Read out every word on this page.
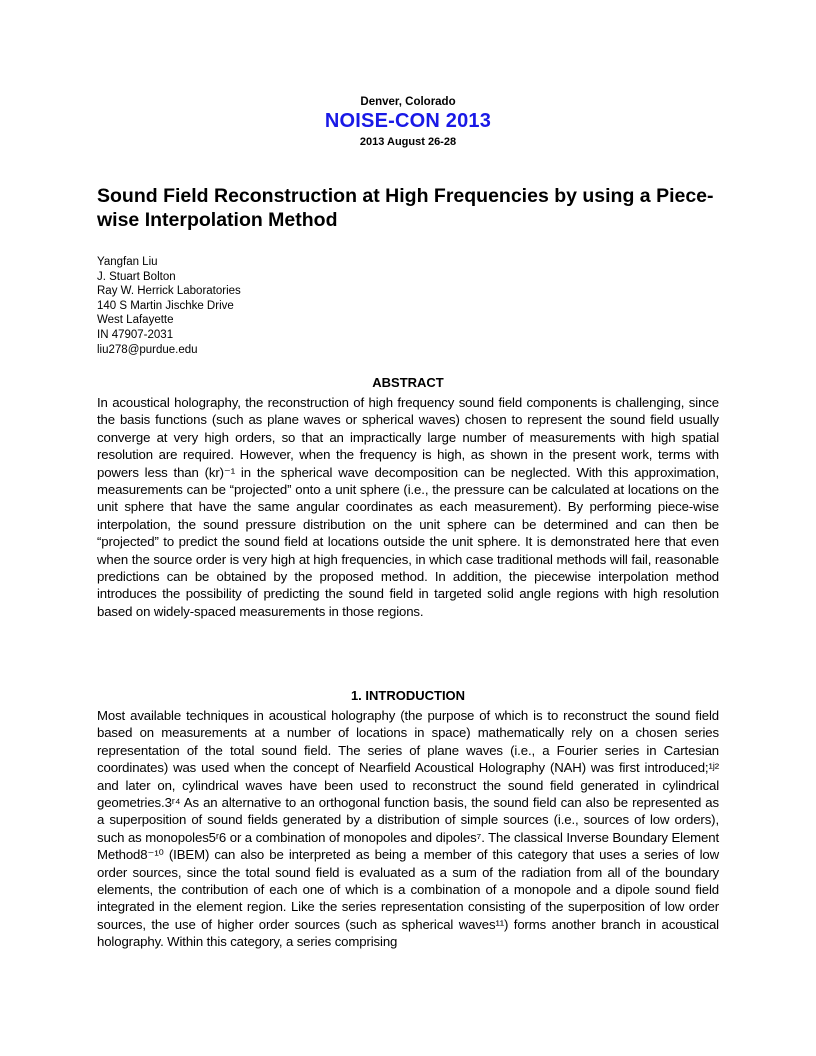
Denver, Colorado
NOISE-CON 2013
2013 August 26-28
Sound Field Reconstruction at High Frequencies by using a Piece-wise Interpolation Method
Yangfan Liu
J. Stuart Bolton
Ray W. Herrick Laboratories
140 S Martin Jischke Drive
West Lafayette
IN 47907-2031
liu278@purdue.edu
ABSTRACT

In acoustical holography, the reconstruction of high frequency sound field components is challenging, since the basis functions (such as plane waves or spherical waves) chosen to represent the sound field usually converge at very high orders, so that an impractically large number of measurements with high spatial resolution are required. However, when the frequency is high, as shown in the present work, terms with powers less than (kr)⁻¹ in the spherical wave decomposition can be neglected. With this approximation, measurements can be “projected” onto a unit sphere (i.e., the pressure can be calculated at locations on the unit sphere that have the same angular coordinates as each measurement). By performing piece-wise interpolation, the sound pressure distribution on the unit sphere can be determined and can then be “projected” to predict the sound field at locations outside the unit sphere. It is demonstrated here that even when the source order is very high at high frequencies, in which case traditional methods will fail, reasonable predictions can be obtained by the proposed method. In addition, the piecewise interpolation method introduces the possibility of predicting the sound field in targeted solid angle regions with high resolution based on widely-spaced measurements in those regions.

1. INTRODUCTION

Most available techniques in acoustical holography (the purpose of which is to reconstruct the sound field based on measurements at a number of locations in space) mathematically rely on a chosen series representation of the total sound field. The series of plane waves (i.e., a Fourier series in Cartesian coordinates) was used when the concept of Nearfield Acoustical Holography (NAH) was first introduced;¹ʲ² and later on, cylindrical waves have been used to reconstruct the sound field generated in cylindrical geometries.3ʳ⁴ As an alternative to an orthogonal function basis, the sound field can also be represented as a superposition of sound fields generated by a distribution of simple sources (i.e., sources of low orders), such as monopoles5ʳ6 or a combination of monopoles and dipoles⁷. The classical Inverse Boundary Element Method8⁻¹⁰ (IBEM) can also be interpreted as being a member of this category that uses a series of low order sources, since the total sound field is evaluated as a sum of the radiation from all of the boundary elements, the contribution of each one of which is a combination of a monopole and a dipole sound field integrated in the element region. Like the series representation consisting of the superposition of low order sources, the use of higher order sources (such as spherical waves¹¹) forms another branch in acoustical holography. Within this category, a series comprising
